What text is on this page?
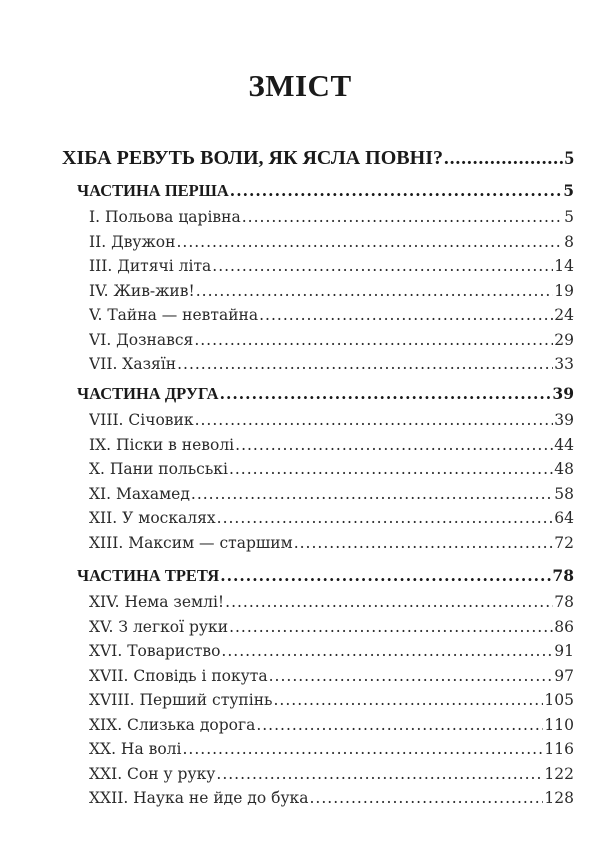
ЗМІСТ
ХІБА РЕВУТЬ ВОЛИ, ЯК ЯСЛА ПОВНІ? .....	5
ЧАСТИНА ПЕРША .....	5
І. Польова царівна .....	5
ІІ. Двужон .....	8
ІІІ. Дитячі літа .....	14
IV. Жив-жив! .....	19
V. Тайна — невтайна .....	24
VI. Дознався .....	29
VII. Хазяїн .....	33
ЧАСТИНА ДРУГА .....	39
VIII. Січовик .....	39
IX. Піски в неволі .....	44
X. Пани польські .....	48
XI. Махамед .....	58
XII. У москалях .....	64
XIII. Максим — старшим .....	72
ЧАСТИНА ТРЕТЯ .....	78
XIV. Нема землі! .....	78
XV. З легкої руки .....	86
XVI. Товариство .....	91
XVII. Сповідь і покута .....	97
XVIII. Перший ступінь .....	105
XIX. Слизька дорога .....	110
XX. На волі .....	116
XXI. Сон у руку .....	122
XXII. Наука не йде до бука .....	128
